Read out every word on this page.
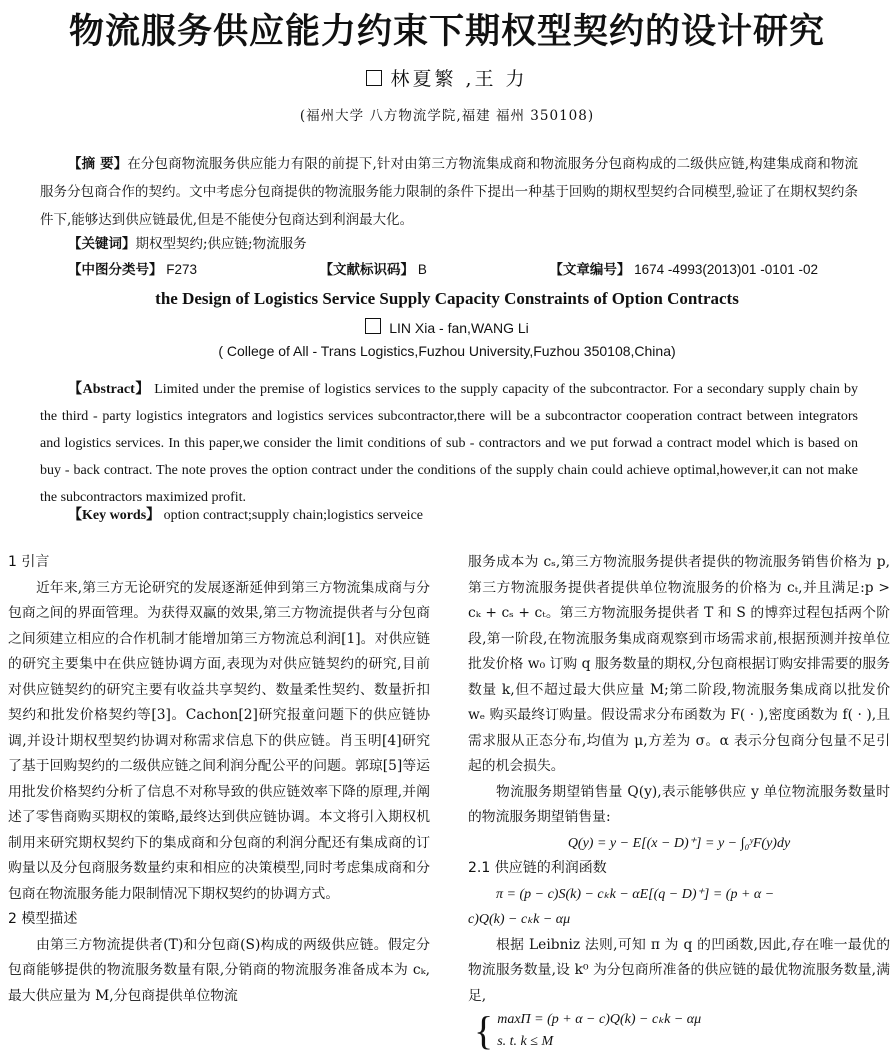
物流服务供应能力约束下期权型契约的设计研究
林夏繁 ,王 力
(福州大学 八方物流学院,福建 福州 350108)
【摘 要】在分包商物流服务供应能力有限的前提下,针对由第三方物流集成商和物流服务分包商构成的二级供应链,构建集成商和物流服务分包商合作的契约。文中考虑分包商提供的物流服务能力限制的条件下提出一种基于回购的期权型契约合同模型,验证了在期权契约条件下,能够达到供应链最优,但是不能使分包商达到利润最大化。
【关键词】期权型契约;供应链;物流服务
【中图分类号】 F273	【文献标识码】 B	【文章编号】 1674 -4993(2013)01 -0101 -02
the Design of Logistics Service Supply Capacity Constraints of Option Contracts
LIN Xia - fan,WANG Li
( College of All - Trans Logistics,Fuzhou University,Fuzhou 350108,China)
【Abstract】 Limited under the premise of logistics services to the supply capacity of the subcontractor. For a secondary supply chain by the third - party logistics integrators and logistics services subcontractor,there will be a subcontractor cooperation contract between integrators and logistics services. In this paper,we consider the limit conditions of sub - contractors and we put forwad a contract model which is based on buy - back contract. The note proves the option contract under the conditions of the supply chain could achieve optimal,however,it can not make the subcontractors maximized profit.
【Key words】 option contract;supply chain;logistics serveice
1 引言

近年来,第三方无论研究的发展逐渐延伸到第三方物流集成商与分包商之间的界面管理。为获得双赢的效果,第三方物流提供者与分包商之间须建立相应的合作机制才能增加第三方物流总利润[1]。对供应链的研究主要集中在供应链协调方面,表现为对供应链契约的研究,目前对供应链契约的研究主要有收益共享契约、数量柔性契约、数量折扣契约和批发价格契约等[3]。Cachon[2]研究报童问题下的供应链协调,并设计期权型契约协调对称需求信息下的供应链。肖玉明[4]研究了基于回购契约的二级供应链之间利润分配公平的问题。郭琼[5]等运用批发价格契约分析了信息不对称导致的供应链效率下降的原理,并阐述了零售商购买期权的策略,最终达到供应链协调。本文将引入期权机制用来研究期权契约下的集成商和分包商的利润分配还有集成商的订购量以及分包商服务数量约束和相应的决策模型,同时考虑集成商和分包商在物流服务能力限制情况下期权契约的协调方式。

2 模型描述

由第三方物流提供者(T)和分包商(S)构成的两级供应链。假定分包商能够提供的物流服务数量有限,分销商的物流服务准备成本为 cₖ,最大供应量为 M,分包商提供单位物流

服务成本为 cₛ,第三方物流服务提供者提供的物流服务销售价格为 p,第三方物流服务提供者提供单位物流服务的价格为 cₜ,并且满足:p > cₖ + cₛ + cₜ。第三方物流服务提供者 T 和 S 的博弈过程包括两个阶段,第一阶段,在物流服务集成商观察到市场需求前,根据预测并按单位批发价格 w₀ 订购 q 服务数量的期权,分包商根据订购安排需要的服务数量 k,但不超过最大供应量 M;第二阶段,物流服务集成商以批发价 wₑ 购买最终订购量。假设需求分布函数为 F( · ),密度函数为 f( · ),且需求服从正态分布,均值为 μ,方差为 σ。α 表示分包商分包量不足引起的机会损失。

物流服务期望销售量 Q(y),表示能够供应 y 单位物流服务数量时的物流服务期望销售量:

Q(y) = y − E[(x − D)⁺] = y − ∫₀ʸF(y)dy

2.1 供应链的利润函数

π = (p − c)S(k) − cₖk − αE[(q − D)⁺] = (p + α −

c)Q(k) − cₖk − αμ

根据 Leibniz 法则,可知 π 为 q 的凹函数,因此,存在唯一最优的物流服务数量,设 k⁰ 为分包商所准备的供应链的最优物流服务数量,满足,

{ maxΠ = (p + α − c)Q(k) − cₖk − αμ
s. t. k ≤ M
